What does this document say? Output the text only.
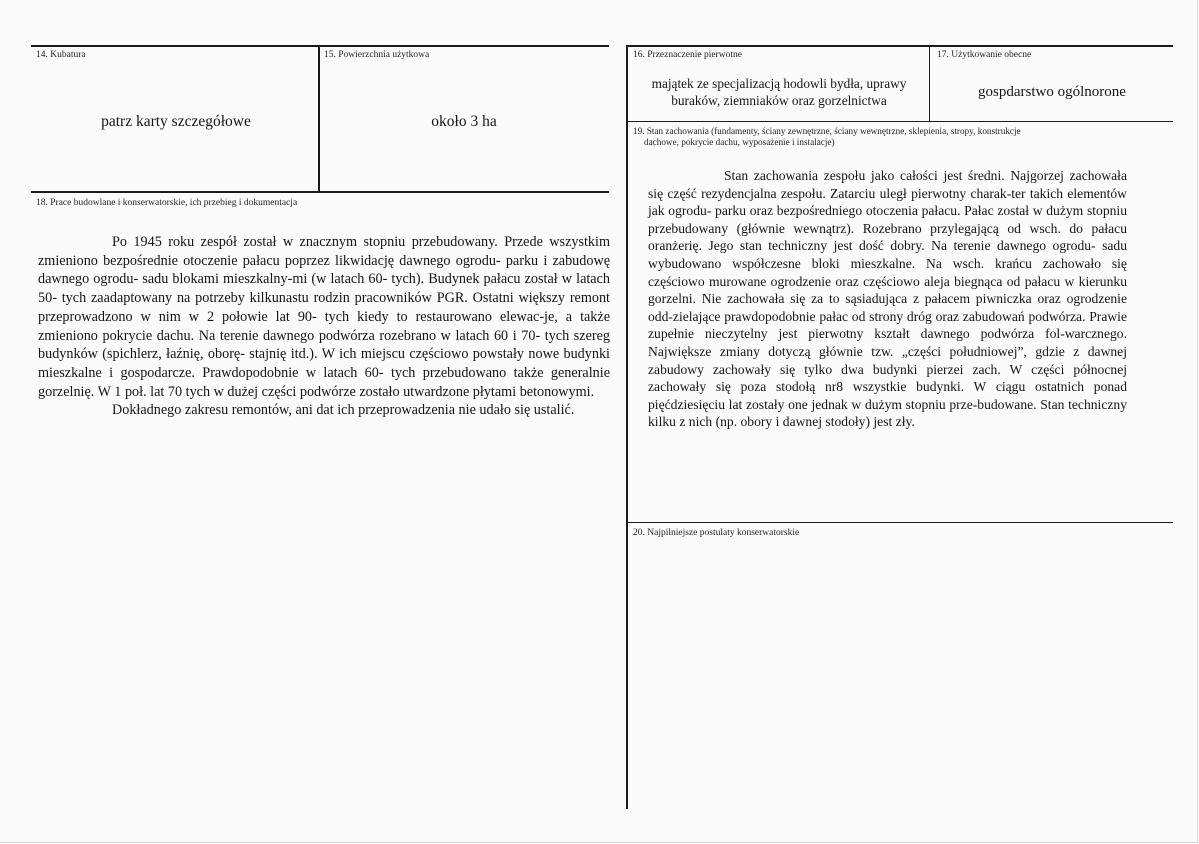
14. Kubatura
patrz karty szczegółowe
15. Powierzchnia użytkowa
około 3 ha
16. Przeznaczenie pierwotne
majątek ze specjalizacją hodowli bydła, uprawy
buraków, ziemniaków oraz gorzelnictwa
17. Użytkowanie obecne
gospdarstwo ogólnorone
19. Stan zachowania (fundamenty, ściany zewnętrzne, ściany wewnętrzne, sklepienia, stropy, konstrukcje
dachowe, pokrycie dachu, wyposażenie i instalacje)

Stan zachowania zespołu jako całości jest średni. Najgorzej zachowała się część rezydencjalna zespołu. Zatarciu uległ pierwotny charak-ter takich elementów jak ogrodu- parku oraz bezpośredniego otoczenia pałacu. Pałac został w dużym stopniu przebudowany (głównie wewnątrz). Rozebrano przylegającą od wsch. do pałacu oranżerię. Jego stan techniczny jest dość dobry. Na terenie dawnego ogrodu- sadu wybudowano współczesne bloki mieszkalne. Na wsch. krańcu zachowało się częściowo murowane ogrodzenie oraz częściowo aleja biegnąca od pałacu w kierunku gorzelni. Nie zachowała się za to sąsiadująca z pałacem piwniczka oraz ogrodzenie odd-zielające prawdopodobnie pałac od strony dróg oraz zabudowań podwórza. Prawie zupełnie nieczytelny jest pierwotny kształt dawnego podwórza fol-warcznego. Największe zmiany dotyczą głównie tzw. „części południowej”, gdzie z dawnej zabudowy zachowały się tylko dwa budynki pierzei zach. W części północnej zachowały się poza stodołą nr8 wszystkie budynki. W ciągu ostatnich ponad pięćdziesięciu lat zostały one jednak w dużym stopniu prze-budowane. Stan techniczny kilku z nich (np. obory i dawnej stodoły) jest zły.

18. Prace budowlane i konserwatorskie, ich przebieg i dokumentacja

Po 1945 roku zespół został w znacznym stopniu przebudowany. Przede wszystkim zmieniono bezpośrednie otoczenie pałacu poprzez likwidację dawnego ogrodu- parku i zabudowę dawnego ogrodu- sadu blokami mieszkalny-mi (w latach 60- tych). Budynek pałacu został w latach 50- tych zaadaptowany na potrzeby kilkunastu rodzin pracowników PGR. Ostatni większy remont przeprowadzono w nim w 2 połowie lat 90- tych kiedy to restaurowano elewac-je, a także zmieniono pokrycie dachu. Na terenie dawnego podwórza rozebrano w latach 60 i 70- tych szereg budynków (spichlerz, łaźnię, oborę- stajnię itd.). W ich miejscu częściowo powstały nowe budynki mieszkalne i gospodarcze. Prawdopodobnie w latach 60- tych przebudowano także generalnie gorzelnię. W 1 poł. lat 70 tych w dużej części podwórze zostało utwardzone płytami betonowymi.

Dokładnego zakresu remontów, ani dat ich przeprowadzenia nie udało się ustalić.

20. Najpilniejsze postulaty konserwatorskie
